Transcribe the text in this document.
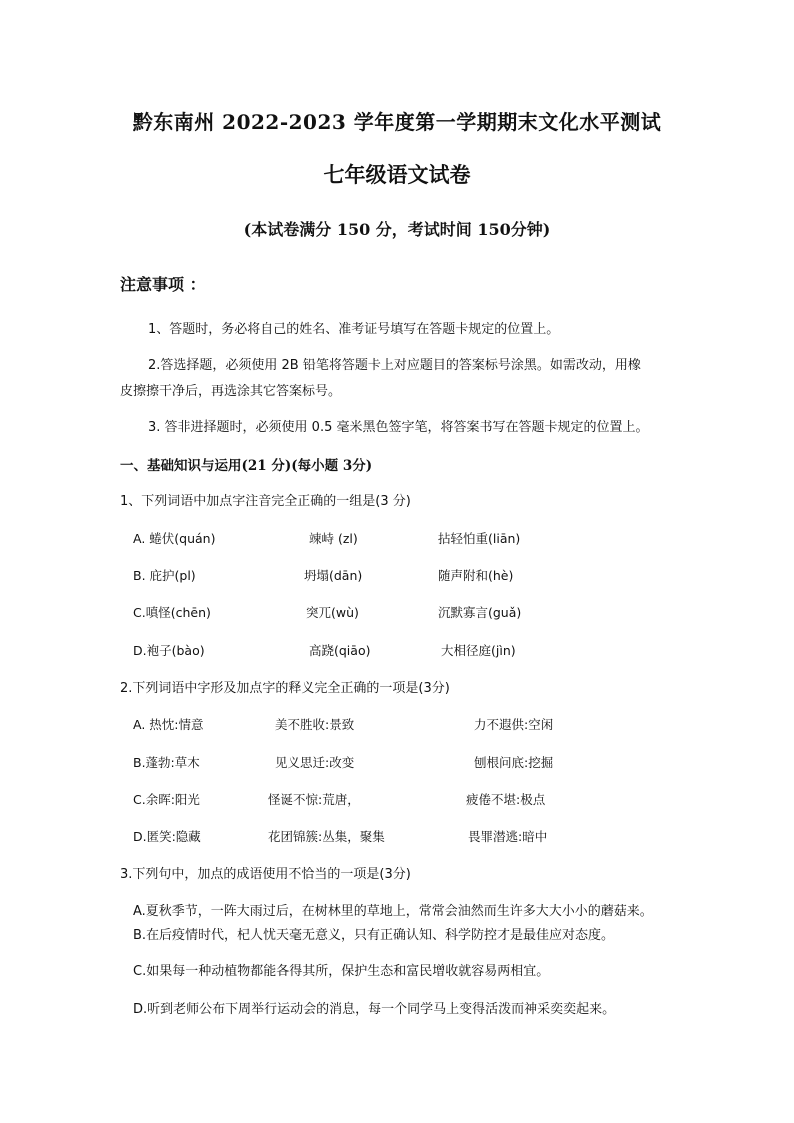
黔东南州 2022-2023 学年度第一学期期末文化水平测试
七年级语文试卷
(本试卷满分 150 分，考试时间 150分钟)
注意事项 ：
1、答题时，务必将自己的姓名、准考证号填写在答题卡规定的位置上。
2.答选择题，必须使用 2B 铅笔将答题卡上对应题目的答案标号涂黑。如需改动，用橡
皮擦擦干净后，再选涂其它答案标号。
3. 答非进择题时，必须使用 0.5 毫米黑色签字笔，将答案书写在答题卡规定的位置上。
一、基础知识与运用(21 分)(每小题 3分)
1、下列词语中加点字注音完全正确的一组是(3 分)
A. 蜷伏(quán)	竦峙 (zl)	拈轻怕重(liān)
B. 庇护(pl)	坍塌(dān)	随声附和(hè)
C.嗔怪(chēn)	突兀(wù)	沉默寡言(guǎ)
D.袍子(bào)	高跷(qiāo)	大相径庭(jìn)
2.下列词语中字形及加点字的释义完全正确的一项是(3分)
A. 热忱:情意	美不胜收:景致	力不遐供:空闲
B.蓬勃:草木	见义思迁:改变	刨根问底:挖掘
C.余晖:阳光	怪诞不惊:荒唐，	疲倦不堪:极点
D.匿笑:隐藏	花团锦簇:丛集，聚集	畏罪潜逃:暗中
3.下列句中，加点的成语使用不恰当的一项是(3分)
A.夏秋季节，一阵大雨过后，在树林里的草地上，常常会油然而生许多大大小小的蘑菇来。
B.在后疫情时代，杞人忧天毫无意义，只有正确认知、科学防控才是最佳应对态度。
C.如果每一种动植物都能各得其所，保护生态和富民增收就容易两相宜。
D.听到老师公布下周举行运动会的消息，每一个同学马上变得活泼而神采奕奕起来。
